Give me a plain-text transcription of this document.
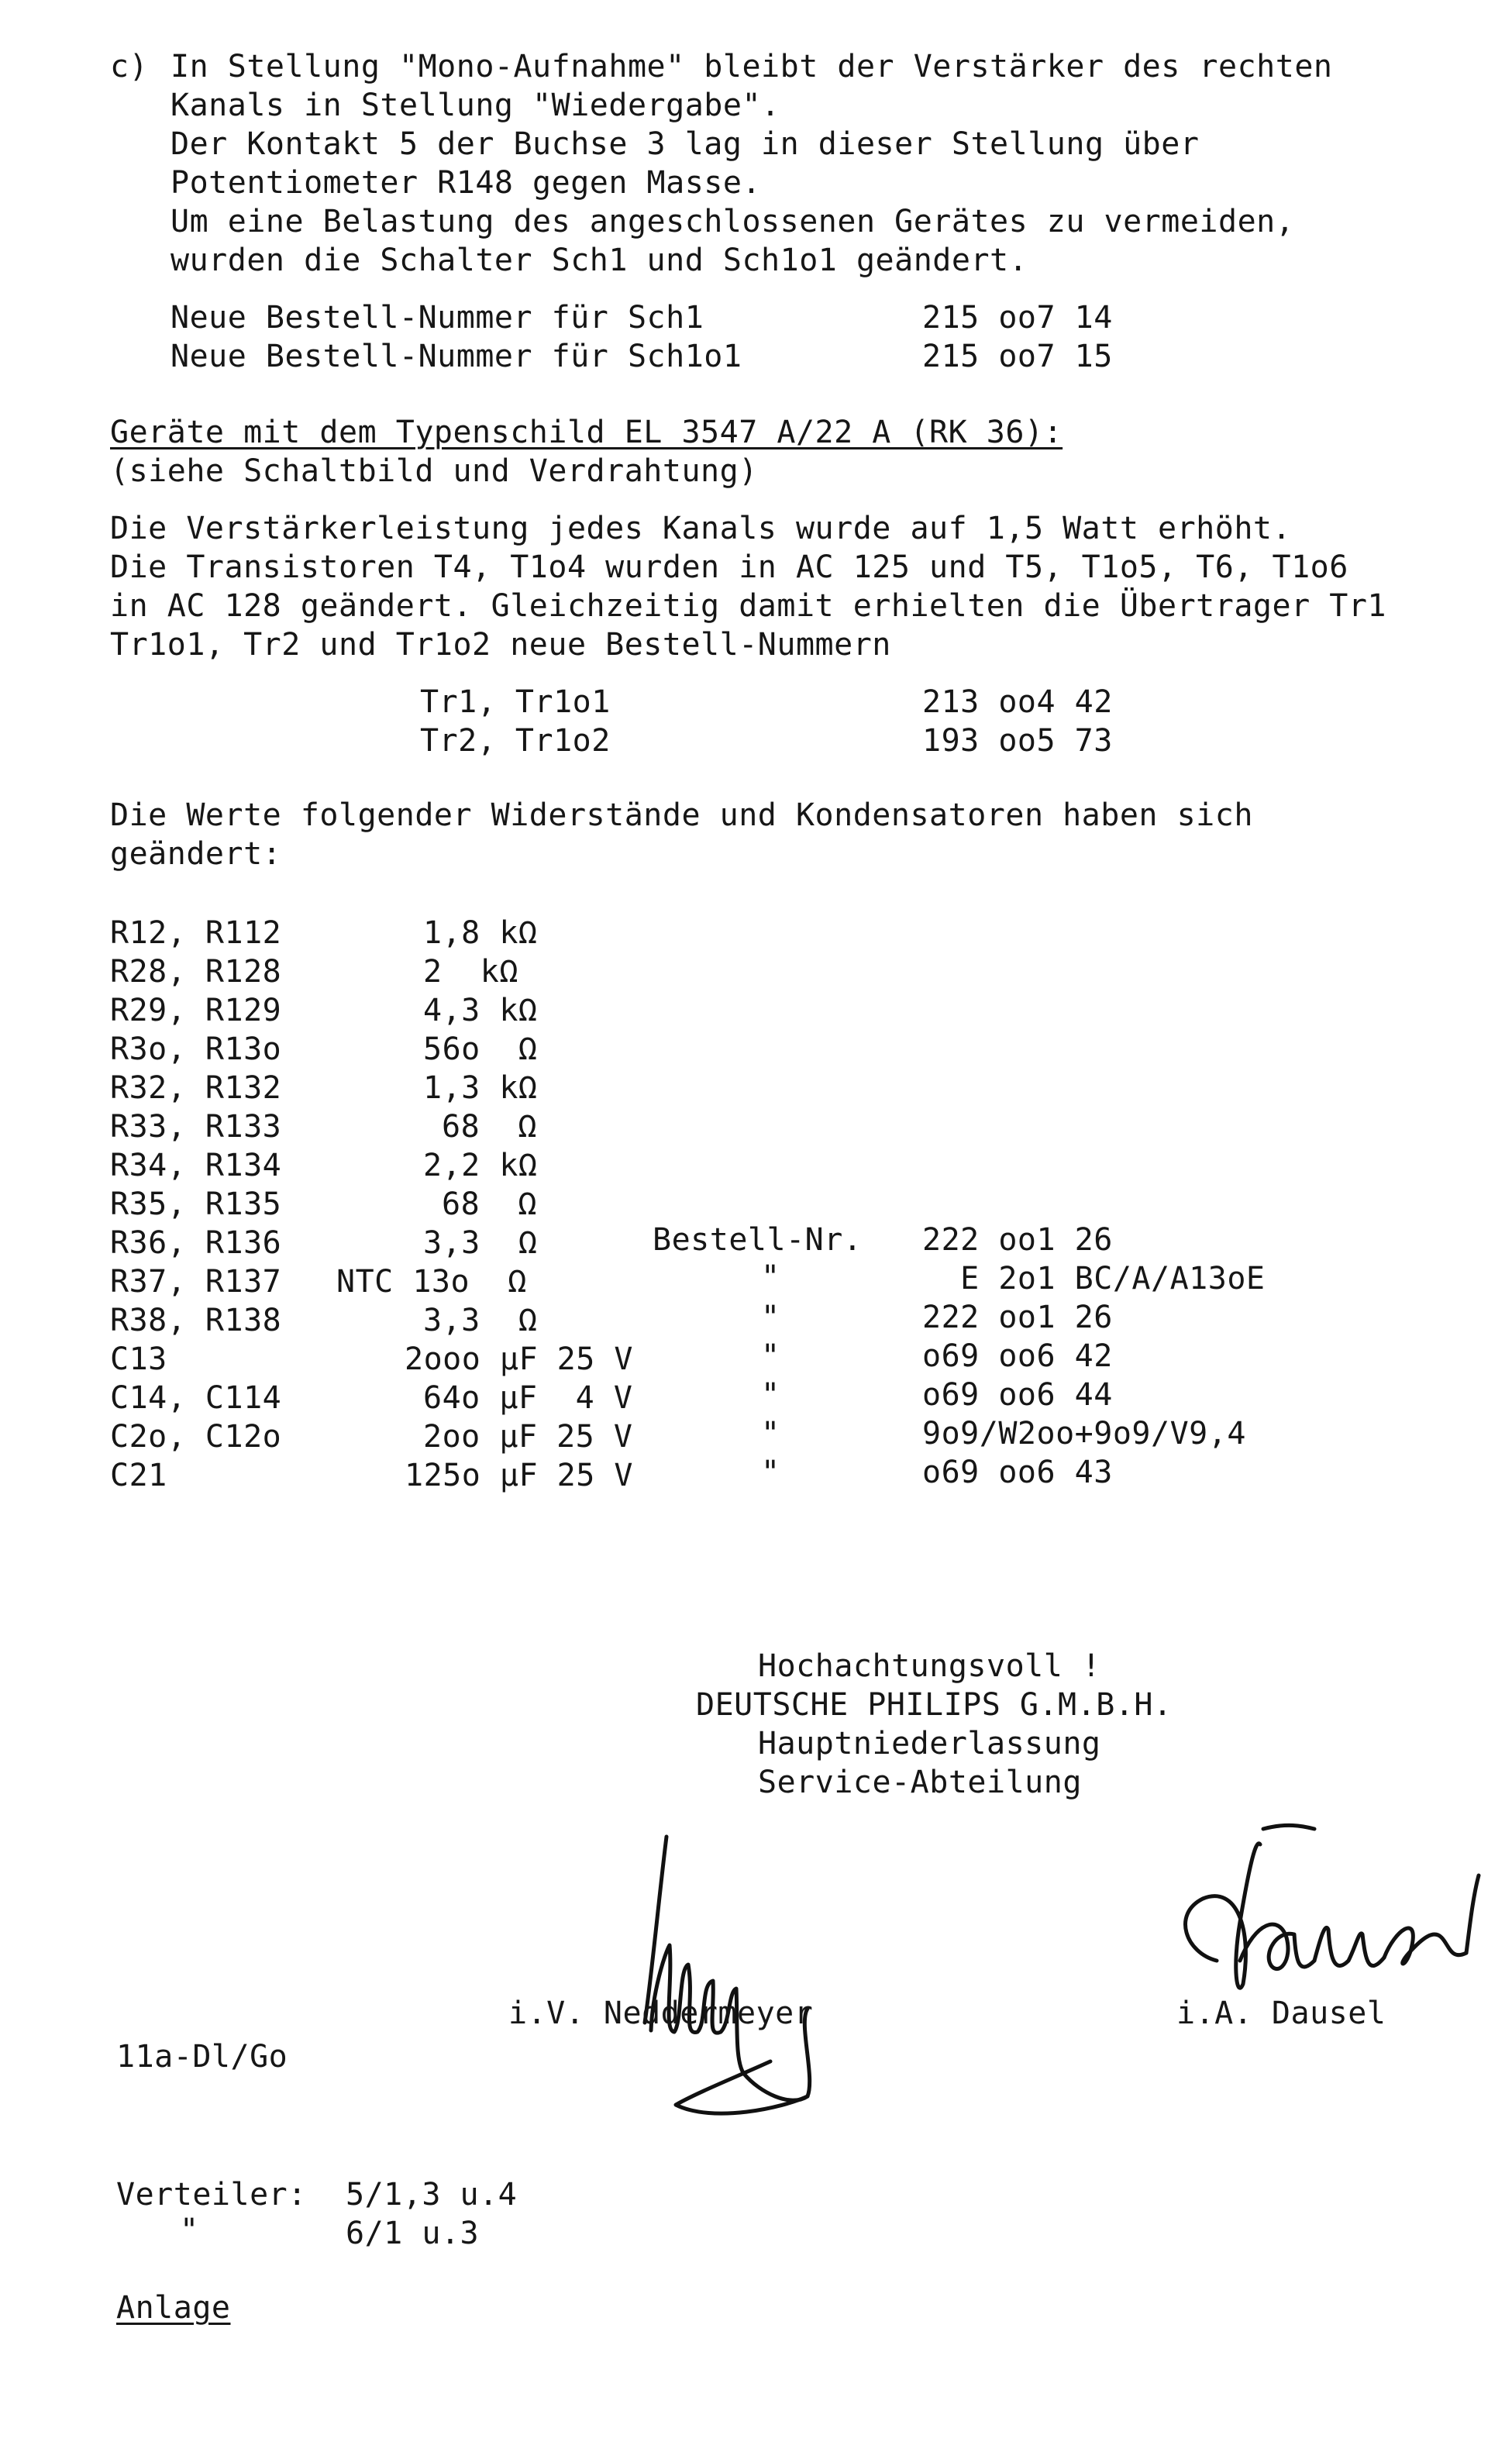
c) In Stellung "Mono-Aufnahme" bleibt der Verstärker des rechten
Kanals in Stellung "Wiedergabe".
Der Kontakt 5 der Buchse 3 lag in dieser Stellung über
Potentiometer R148 gegen Masse.
Um eine Belastung des angeschlossenen Gerätes zu vermeiden,
wurden die Schalter Sch1 und Sch1o1 geändert.
Neue Bestell-Nummer für Sch1	215 oo7 14
Neue Bestell-Nummer für Sch1o1	215 oo7 15
Geräte mit dem Typenschild EL 3547 A/22 A (RK 36):
(siehe Schaltbild und Verdrahtung)
Die Verstärkerleistung jedes Kanals wurde auf 1,5 Watt erhöht.
Die Transistoren T4, T1o4 wurden in AC 125 und T5, T1o5, T6, T1o6
in AC 128 geändert. Gleichzeitig damit erhielten die Übertrager Tr1
Tr1o1, Tr2 und Tr1o2 neue Bestell-Nummern
Tr1, Tr1o1	213 oo4 42
Tr2, Tr1o2	193 oo5 73
Die Werte folgender Widerstände und Kondensatoren haben sich
geändert:
R12, R112	1,8 kΩ
R28, R128	2  kΩ
R29, R129	4,3 kΩ
R3o, R13o	56o  Ω
R32, R132	1,3 kΩ
R33, R133	68  Ω
R34, R134	2,2 kΩ
R35, R135	68  Ω
R36, R136	3,3  Ω	Bestell-Nr. 222 oo1 26
R37, R137 NTC 13o  Ω	"	E 2o1 BC/A/A13oE
R38, R138	3,3  Ω	"	222 oo1 26
C13	2ooo µF 25 V	"	o69 oo6 42
C14, C114	64o µF  4 V	"	o69 oo6 44
C2o, C12o	2oo µF 25 V	"	9o9/W2oo+9o9/V9,4
C21	125o µF 25 V	"	o69 oo6 43
Hochachtungsvoll !
DEUTSCHE PHILIPS G.M.B.H.
Hauptniederlassung
Service-Abteilung
i.V. Neddermeyer	i.A. Dausel
11a-Dl/Go
Verteiler: 5/1,3 u.4
"	6/1 u.3
Anlage
